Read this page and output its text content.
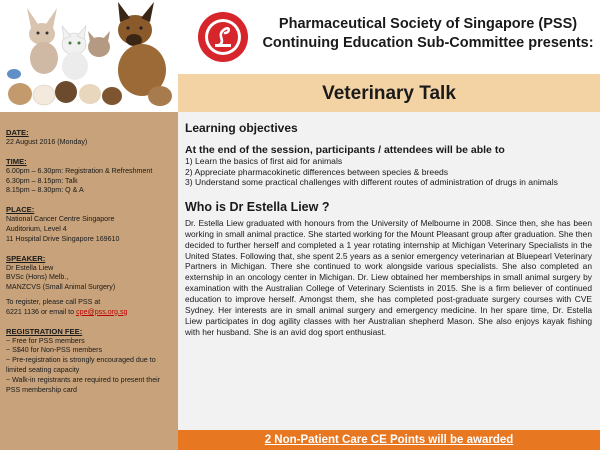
Pharmaceutical Society of Singapore (PSS)
Continuing Education Sub-Committee presents:
Veterinary Talk
DATE:
22 August 2016 (Monday)
TIME:
6.00pm – 6.30pm: Registration & Refreshment
6.30pm – 8.15pm: Talk
8.15pm – 8.30pm: Q & A
PLACE:
National Cancer Centre Singapore
Auditorium, Level 4
11 Hospital Drive Singapore 169610
SPEAKER:
Dr Estella Liew
BVSc (Hons) Melb.,
MANZCVS (Small Animal Surgery)
To register, please call PSS at
6221 1136 or email to cpe@pss.org.sg
REGISTRATION FEE:
~ Free for PSS members
~ S$40 for Non-PSS members
~ Pre-registration is strongly encouraged due to
limited seating capacity
~ Walk-in registrants are required to present their
PSS membership card
Learning objectives
At the end of the session, participants / attendees will be able to
1) Learn the basics of first aid for animals
2) Appreciate pharmacokinetic differences between species & breeds
3) Understand some practical challenges with different routes of administration of drugs in animals
Who is Dr Estella Liew ?
Dr. Estella Liew graduated with honours from the University of Melbourne in 2008. Since then, she has been working in small animal practice. She started working for the Mount Pleasant group after graduation. She then decided to further herself and completed a 1 year rotating internship at Michigan Veterinary Specialists in the United States. Following that, she spent 2.5 years as a senior emergency veterinarian at Bluepearl Veterinary Partners in Michigan. There she continued to work alongside various specialists. She also completed an externship in an oncology center in Michigan. Dr. Liew obtained her memberships in small animal surgery by examination with the Australian College of Veterinary Scientists in 2015. She is a firm believer of continued education to improve herself. Amongst them, she has completed post-graduate surgery courses with CVE Sydney. Her interests are in small animal surgery and emergency medicine. In her spare time, Dr. Estella Liew participates in dog agility classes with her Australian shepherd Mason. She also enjoys kayak fishing with her husband. She is an avid dog sport enthusiast.
2 Non-Patient Care CE Points will be awarded
